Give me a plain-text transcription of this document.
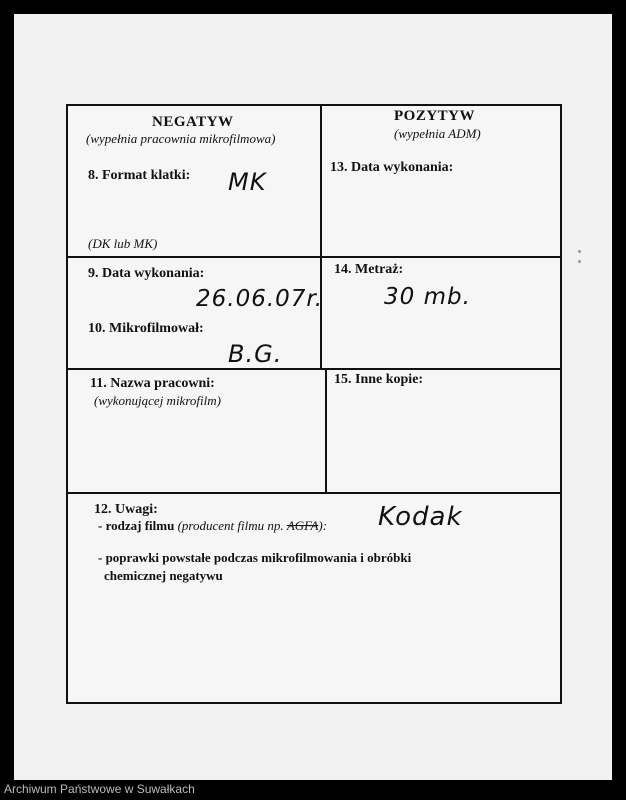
NEGATYW
(wypełnia pracownia mikrofilmowa)
POZYTYW
(wypełnia ADM)
8. Format klatki: MK
(DK lub MK)
13. Data wykonania:
9. Data wykonania:
26.06.07r.
14. Metraż:
30 mb.
10. Mikrofilmował:
B.G.
11. Nazwa pracowni:
(wykonującej mikrofilm)
15. Inne kopie:
12. Uwagi:
- rodzaj filmu (producent filmu np. AGFA): Kodak
- poprawki powstałe podczas mikrofilmowania i obróbki
chemicznej negatywu
Archiwum Państwowe w Suwałkach
